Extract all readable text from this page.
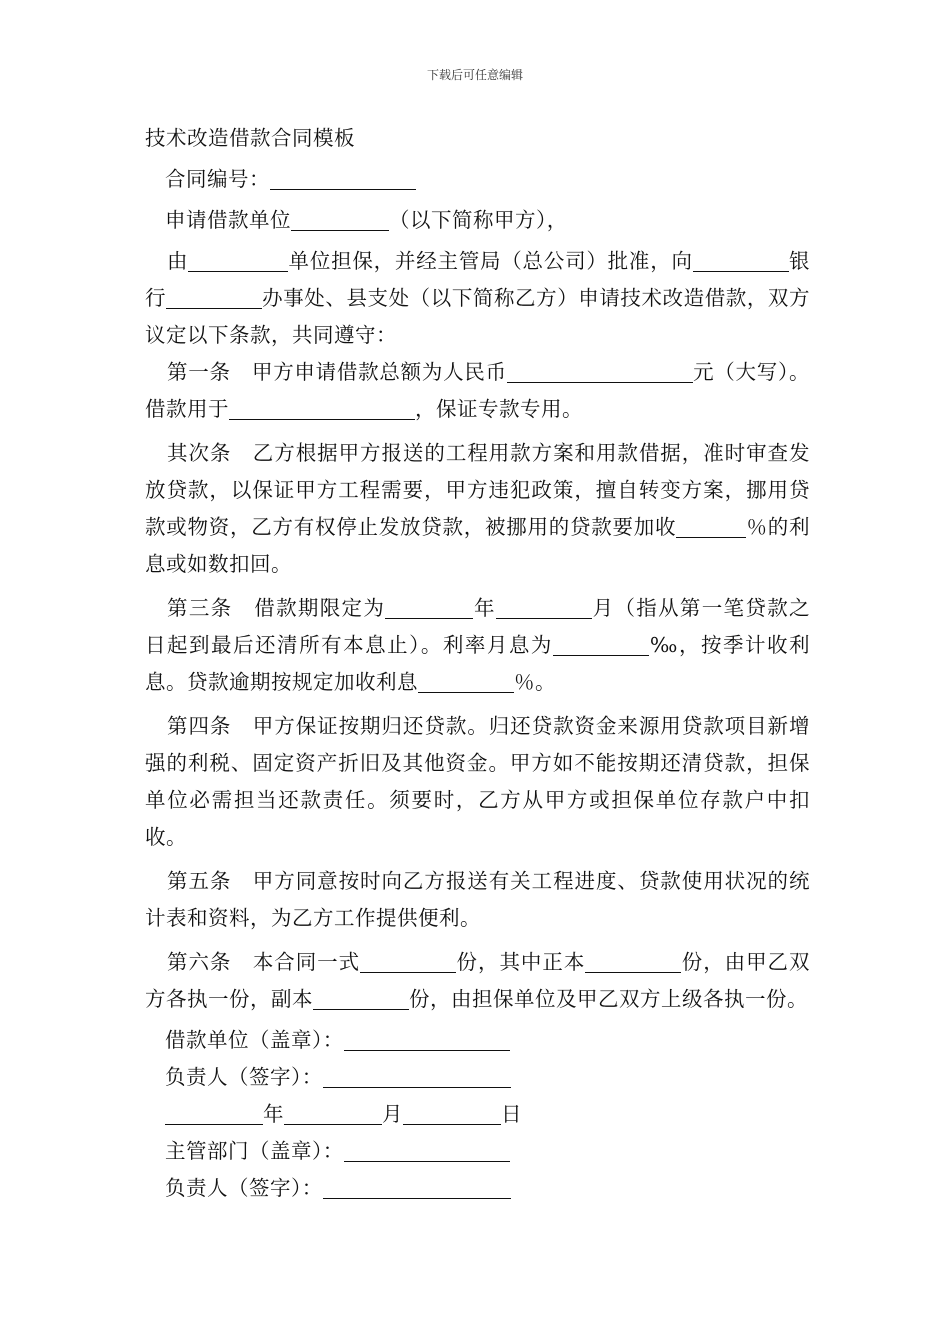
下载后可任意编辑
技术改造借款合同模板
合同编号：
申请借款单位	（以下简称甲方），

由	单位担保，并经主管局（总公司）批准，向	银行	办事处、县支处（以下简称乙方）申请技术改造借款，双方议定以下条款，共同遵守：

第一条　甲方申请借款总额为人民币	元（大写）。借款用于	，保证专款专用。

其次条　乙方根据甲方报送的工程用款方案和用款借据，准时审查发放贷款，以保证甲方工程需要，甲方违犯政策，擅自转变方案，挪用贷款或物资，乙方有权停止发放贷款，被挪用的贷款要加收	％的利息或如数扣回。

第三条　借款期限定为	年	月（指从第一笔贷款之日起到最后还清所有本息止）。利率月息为	‰，按季计收利息。贷款逾期按规定加收利息	％。

第四条　甲方保证按期归还贷款。归还贷款资金来源用贷款项目新增强的利税、固定资产折旧及其他资金。甲方如不能按期还清贷款，担保单位必需担当还款责任。须要时，乙方从甲方或担保单位存款户中扣收。

第五条　甲方同意按时向乙方报送有关工程进度、贷款使用状况的统计表和资料，为乙方工作提供便利。

第六条　本合同一式	份，其中正本	份，由甲乙双方各执一份，副本	份，由担保单位及甲乙双方上级各执一份。

借款单位（盖章）：
负责人（签字）：
年	月	日
主管部门（盖章）：
负责人（签字）：
